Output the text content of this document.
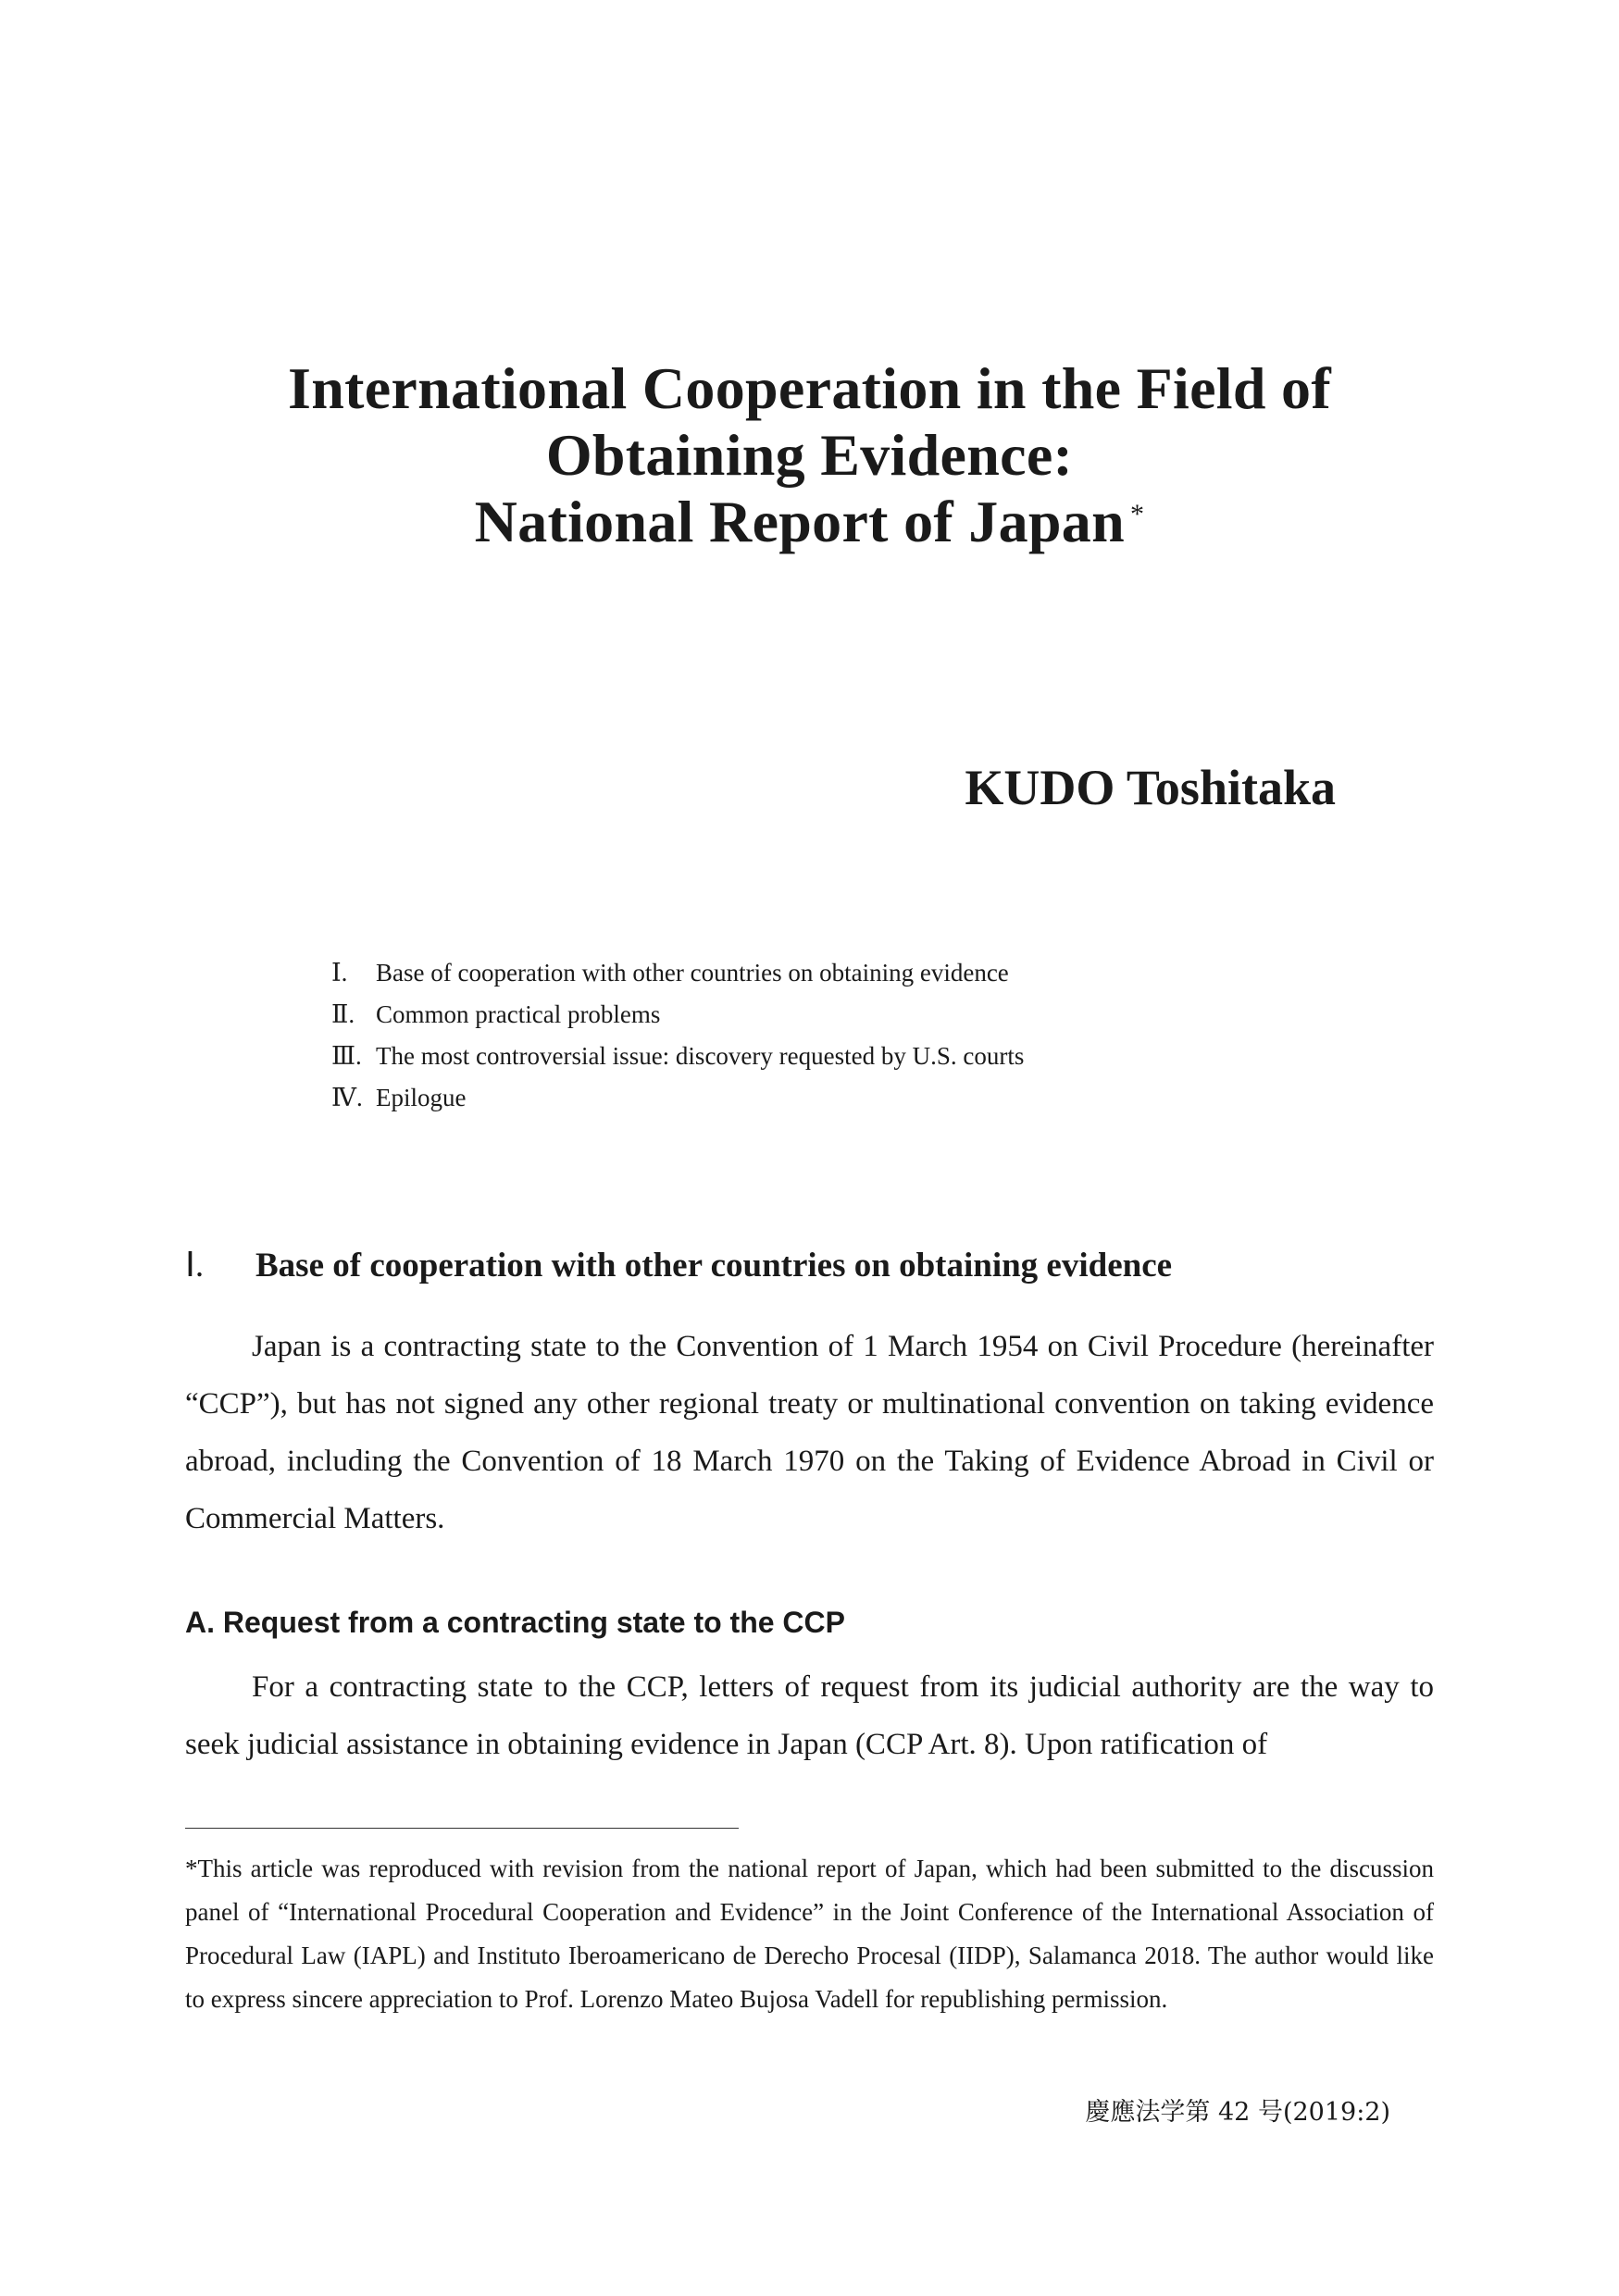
International Cooperation in the Field of

Obtaining Evidence:

National Report of Japan *

KUDO Toshitaka

Ⅰ. Base of cooperation with other countries on obtaining evidence
Ⅱ. Common practical problems
Ⅲ. The most controversial issue: discovery requested by U.S. courts
Ⅳ. Epilogue
Ⅰ. Base of cooperation with other countries on obtaining evidence

Japan is a contracting state to the Convention of 1 March 1954 on Civil Procedure (hereinafter “CCP”), but has not signed any other regional treaty or multinational convention on taking evidence abroad, including the Convention of 18 March 1970 on the Taking of Evidence Abroad in Civil or Commercial Matters.

A. Request from a contracting state to the CCP

For a contracting state to the CCP, letters of request from its judicial authority are the way to seek judicial assistance in obtaining evidence in Japan (CCP Art. 8). Upon ratification of

*This article was reproduced with revision from the national report of Japan, which had been submitted to the discussion panel of “International Procedural Cooperation and Evidence” in the Joint Conference of the International Association of Procedural Law (IAPL) and Instituto Iberoamericano de Derecho Procesal (IIDP), Salamanca 2018. The author would like to express sincere appreciation to Prof. Lorenzo Mateo Bujosa Vadell for republishing permission.

慶應法学第 42 号(2019:2)
